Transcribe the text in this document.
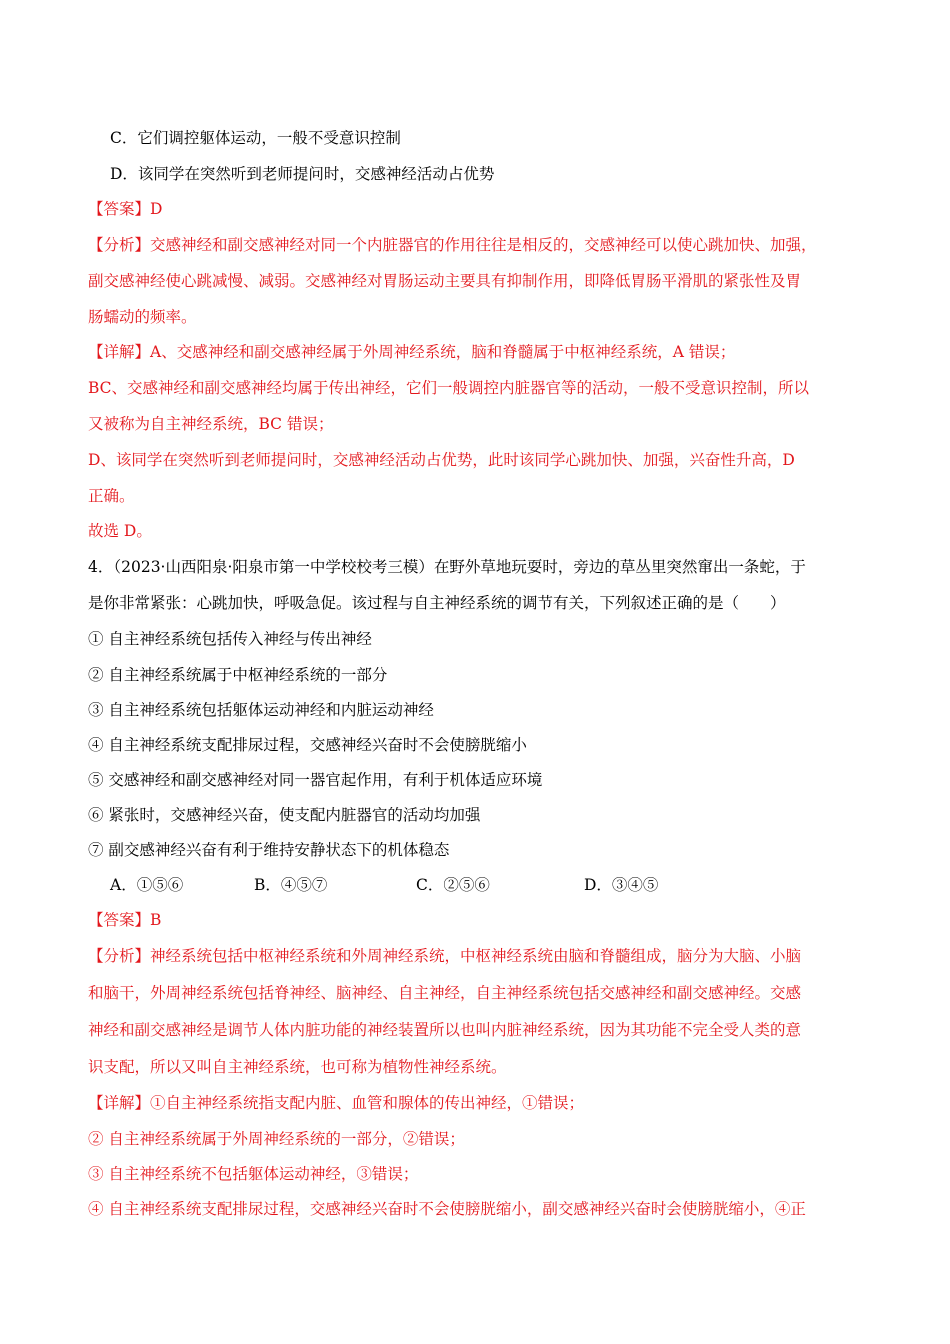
C．它们调控躯体运动，一般不受意识控制
D．该同学在突然听到老师提问时，交感神经活动占优势
【答案】D
【分析】交感神经和副交感神经对同一个内脏器官的作用往往是相反的，交感神经可以使心跳加快、加强，
副交感神经使心跳减慢、减弱。交感神经对胃肠运动主要具有抑制作用，即降低胃肠平滑肌的紧张性及胃
肠蠕动的频率。
【详解】A、交感神经和副交感神经属于外周神经系统，脑和脊髓属于中枢神经系统，A 错误；
BC、交感神经和副交感神经均属于传出神经，它们一般调控内脏器官等的活动，一般不受意识控制，所以
又被称为自主神经系统，BC 错误；
D、该同学在突然听到老师提问时，交感神经活动占优势，此时该同学心跳加快、加强，兴奋性升高，D
正确。
故选 D。
4．（2023·山西阳泉·阳泉市第一中学校校考三模）在野外草地玩耍时，旁边的草丛里突然窜出一条蛇，于
是你非常紧张：心跳加快，呼吸急促。该过程与自主神经系统的调节有关，下列叙述正确的是（　　）
① 自主神经系统包括传入神经与传出神经
② 自主神经系统属于中枢神经系统的一部分
③ 自主神经系统包括躯体运动神经和内脏运动神经
④ 自主神经系统支配排尿过程，交感神经兴奋时不会使膀胱缩小
⑤ 交感神经和副交感神经对同一器官起作用，有利于机体适应环境
⑥ 紧张时，交感神经兴奋，使支配内脏器官的活动均加强
⑦ 副交感神经兴奋有利于维持安静状态下的机体稳态
A．①⑤⑥	B．④⑤⑦	C．②⑤⑥	D．③④⑤
【答案】B
【分析】神经系统包括中枢神经系统和外周神经系统，中枢神经系统由脑和脊髓组成，脑分为大脑、小脑
和脑干，外周神经系统包括脊神经、脑神经、自主神经，自主神经系统包括交感神经和副交感神经。交感
神经和副交感神经是调节人体内脏功能的神经装置所以也叫内脏神经系统，因为其功能不完全受人类的意
识支配，所以又叫自主神经系统，也可称为植物性神经系统。
【详解】①自主神经系统指支配内脏、血管和腺体的传出神经，①错误；
② 自主神经系统属于外周神经系统的一部分，②错误；
③ 自主神经系统不包括躯体运动神经，③错误；
④ 自主神经系统支配排尿过程，交感神经兴奋时不会使膀胱缩小，副交感神经兴奋时会使膀胱缩小，④正
